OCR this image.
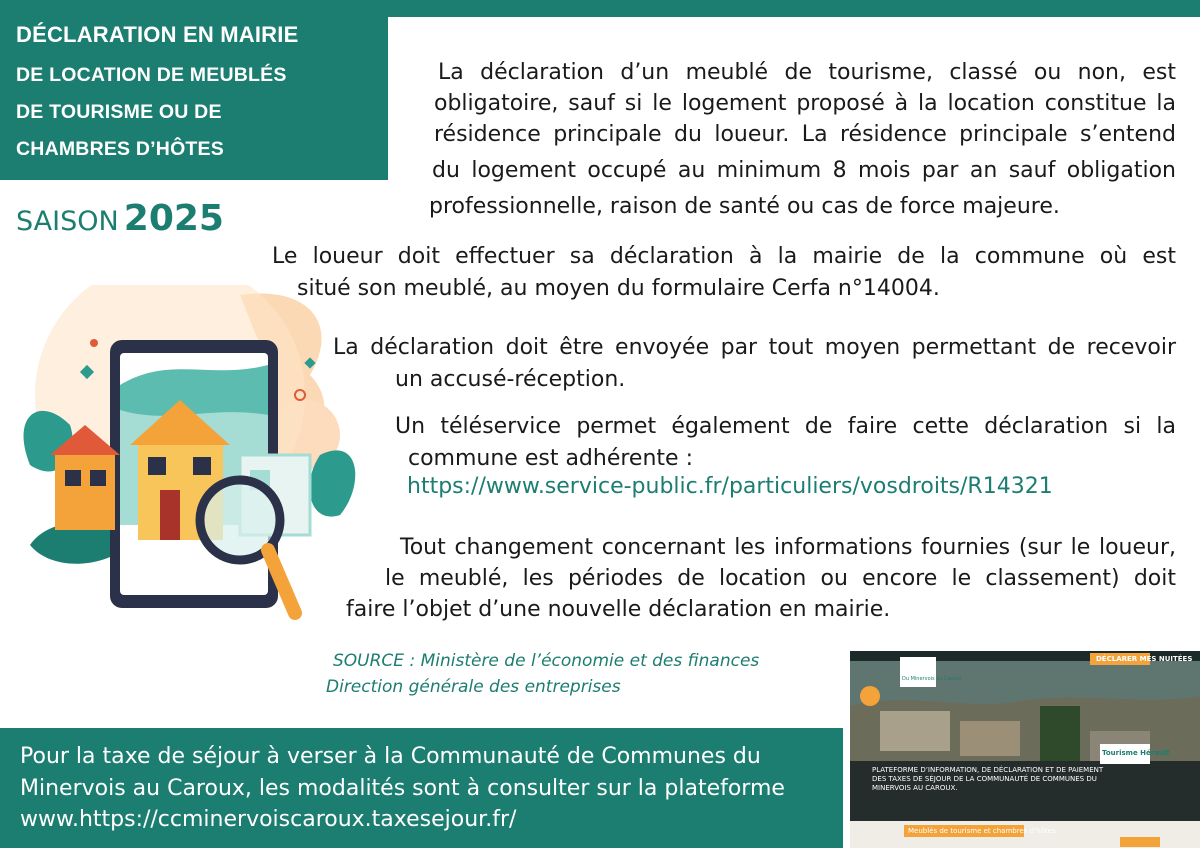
DÉCLARATION EN MAIRIE
DE LOCATION DE MEUBLÉS
DE TOURISME OU DE
CHAMBRES D’HÔTES
SAISON 2025
La déclaration d’un meublé de tourisme, classé ou non, est
obligatoire, sauf si le logement proposé à la location constitue la
résidence principale du loueur. La résidence principale s’entend
du logement occupé au minimum 8 mois par an sauf obligation
professionnelle, raison de santé ou cas de force majeure.
Le loueur doit effectuer sa déclaration à la mairie de la commune où est
situé son meublé, au moyen du formulaire Cerfa n°14004.
La déclaration doit être envoyée par tout moyen permettant de recevoir
un accusé-réception.
Un téléservice permet également de faire cette déclaration si la
commune est adhérente :
https://www.service-public.fr/particuliers/vosdroits/R14321
Tout changement concernant les informations fournies (sur le loueur,
le meublé, les périodes de location ou encore le classement) doit
faire l’objet d’une nouvelle déclaration en mairie.
SOURCE : Ministère de l’économie et des finances
Direction générale des entreprises
Pour la taxe de séjour à verser à la Communauté de Communes du
Minervois au Caroux, les modalités sont à consulter sur la plateforme
www.https://ccminervoiscaroux.taxesejour.fr/
DÉCLARER MES NUITÉES
Du Minervois au Caroux
PLATEFORME D’INFORMATION, DE DÉCLARATION ET DE PAIEMENT
DES TAXES DE SÉJOUR DE LA COMMUNAUTÉ DE COMMUNES DU
MINERVOIS AU CAROUX.
Tourisme Hérault
Meublés de tourisme et chambres d’hôtes
